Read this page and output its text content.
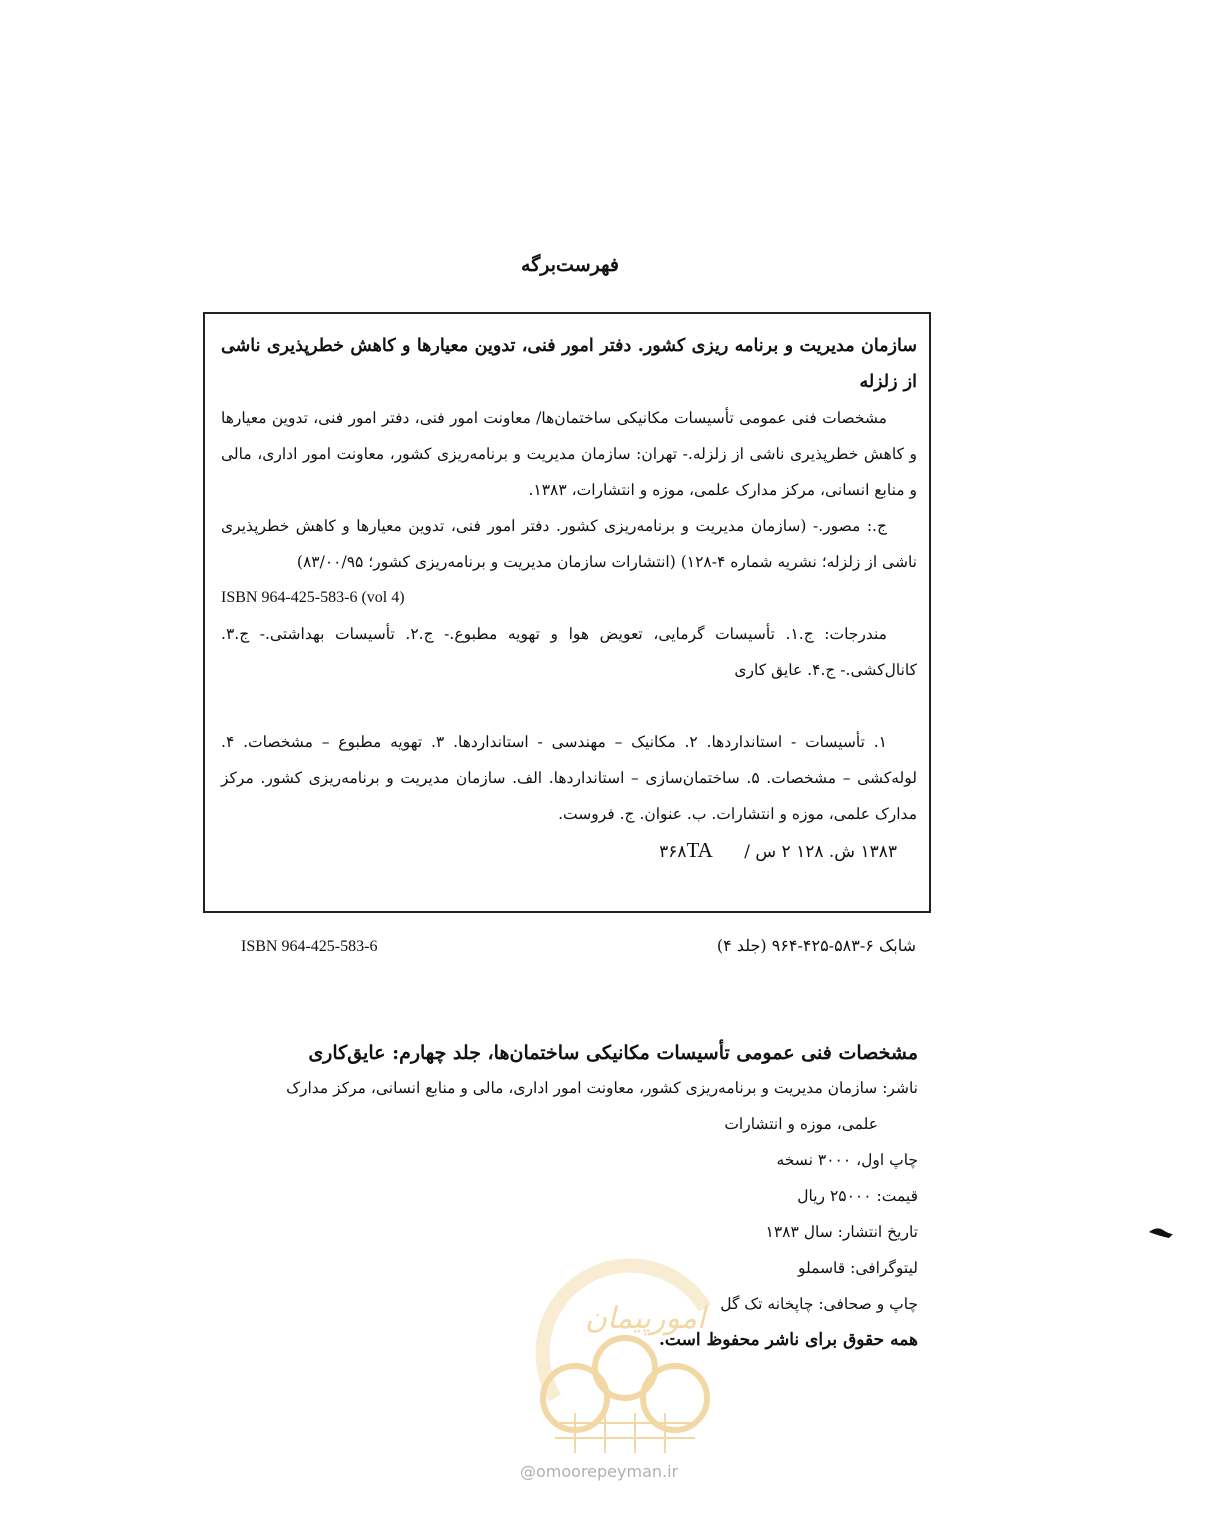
فهرست‌برگه

سازمان مدیریت و برنامه ریزی کشور. دفتر امور فنی، تدوین معیارها و کاهش خطرپذیری ناشی از زلزله

مشخصات فنی عمومی تأسیسات مکانیکی ساختمان‌ها/ معاونت امور فنی، دفتر امور فنی، تدوین معیارها و کاهش خطرپذیری ناشی از زلزله.- تهران: سازمان مدیریت و برنامه‌ریزی کشور، معاونت امور اداری، مالی و منابع انسانی، مرکز مدارک علمی، موزه و انتشارات، ۱۳۸۳.

ج.: مصور.- (سازمان مدیریت و برنامه‌ریزی کشور. دفتر امور فنی، تدوین معیارها و کاهش خطرپذیری ناشی از زلزله؛ نشریه شماره ۴-۱۲۸) (انتشارات سازمان مدیریت و برنامه‌ریزی کشور؛ ۸۳/۰۰/۹۵)

ISBN 964-425-583-6 (vol 4)

مندرجات: ج.۱. تأسیسات گرمایی، تعویض هوا و تهویه مطبوع.- ج.۲. تأسیسات بهداشتی.- ج.۳. کانال‌کشی.- ج.۴. عایق کاری

۱. تأسیسات - استانداردها. ۲. مکانیک – مهندسی - استانداردها. ۳. تهویه مطبوع – مشخصات. ۴. لوله‌کشی – مشخصات. ۵. ساختمان‌سازی – استانداردها. الف. سازمان مدیریت و برنامه‌ریزی کشور. مرکز مدارک علمی، موزه و انتشارات. ب. عنوان. ج. فروست.

۱۳۸۳ ش. ۱۲۸ ۲ س / ۳۶۸TA

ISBN 964-425-583-6	شابک ۶-۵۸۳-۴۲۵-۹۶۴ (جلد ۴)

مشخصات فنی عمومی تأسیسات مکانیکی ساختمان‌ها، جلد چهارم: عایق‌کاری

ناشر: سازمان مدیریت و برنامه‌ریزی کشور، معاونت امور اداری، مالی و منابع انسانی، مرکز مدارک

علمی، موزه و انتشارات

چاپ اول، ۳۰۰۰ نسخه

قیمت: ۲۵۰۰۰ ریال

تاریخ انتشار: سال ۱۳۸۳

لیتوگرافی: قاسملو

چاپ و صحافی: چاپخانه تک گل

همه حقوق برای ناشر محفوظ است.

امورپیمان
@omoorepeyman.ir
